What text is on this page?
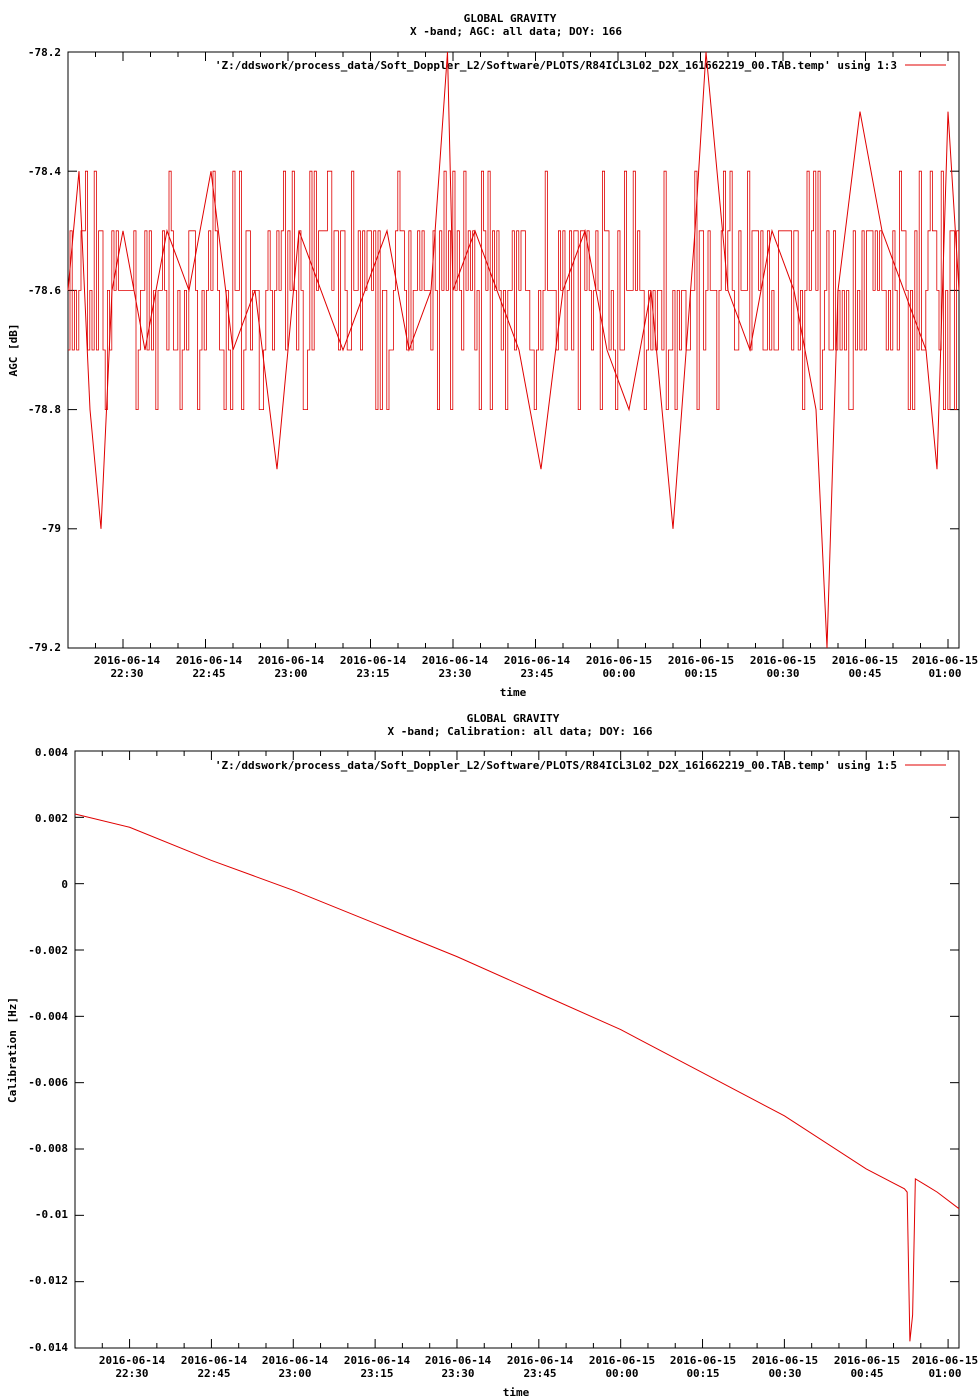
GLOBAL GRAVITY
X -band; AGC: all data; DOY: 166
'Z:/ddswork/process_data/Soft_Doppler_L2/Software/PLOTS/R84ICL3L02_D2X_161662219_00.TAB.temp' using 1:3
time
AGC [dB]
-78.2
-78.4
-78.6
-78.8
-79
-79.2
2016-06-14
22:30
2016-06-14
22:45
2016-06-14
23:00
2016-06-14
23:15
2016-06-14
23:30
2016-06-14
23:45
2016-06-15
00:00
2016-06-15
00:15
2016-06-15
00:30
2016-06-15
00:45
2016-06-15
01:00
GLOBAL GRAVITY
X -band; Calibration: all data; DOY: 166
'Z:/ddswork/process_data/Soft_Doppler_L2/Software/PLOTS/R84ICL3L02_D2X_161662219_00.TAB.temp' using 1:5
time
Calibration [Hz]
0.004
0.002
0
-0.002
-0.004
-0.006
-0.008
-0.01
-0.012
-0.014
2016-06-14
22:30
2016-06-14
22:45
2016-06-14
23:00
2016-06-14
23:15
2016-06-14
23:30
2016-06-14
23:45
2016-06-15
00:00
2016-06-15
00:15
2016-06-15
00:30
2016-06-15
00:45
2016-06-15
01:00
